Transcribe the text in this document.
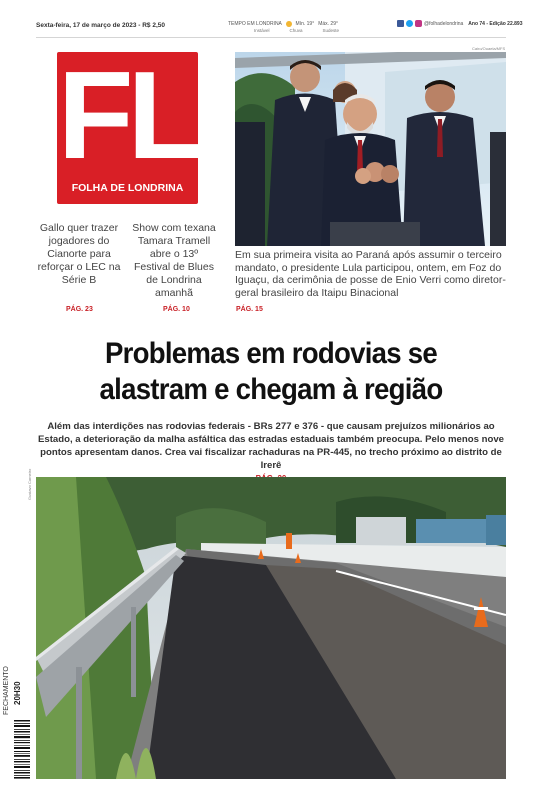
Sexta-feira, 17 de março de 2023 - R$ 2,50	TEMPO EM LONDRINA	Mín. 19° Máx. 29°
Instável	Chuva	Sudeste
@folhadelondrina Ano 74 - Edição 22.893
FL
FOLHA DE LONDRINA
Cairo/Ouaela/MFS
Gallo quer trazer jogadores do Cianorte para reforçar o LEC na Série B
PÁG. 23
Show com texana Tamara Tramell abre o 13º Festival de Blues de Londrina amanhã
PÁG. 10
Em sua primeira visita ao Paraná após assumir o terceiro mandato, o presidente Lula participou, ontem, em Foz do Iguaçu, da cerimônia de posse de Enio Verri como diretor-geral brasileiro da Itaipu Binacional
PÁG. 15
Problemas em rodovias se
alastram e chegam à região
Além das interdições nas rodovias federais - BRs 277 e 376 - que causam prejuízos milionários ao Estado, a deterioração da malha asfáltica das estradas estaduais também preocupa. Pelo menos nove pontos apresentam danos. Crea vai fiscalizar rachaduras na PR-445, no trecho próximo ao distrito de Irerê
Gustavo Carneiro
FECHAMENTO 20H30
